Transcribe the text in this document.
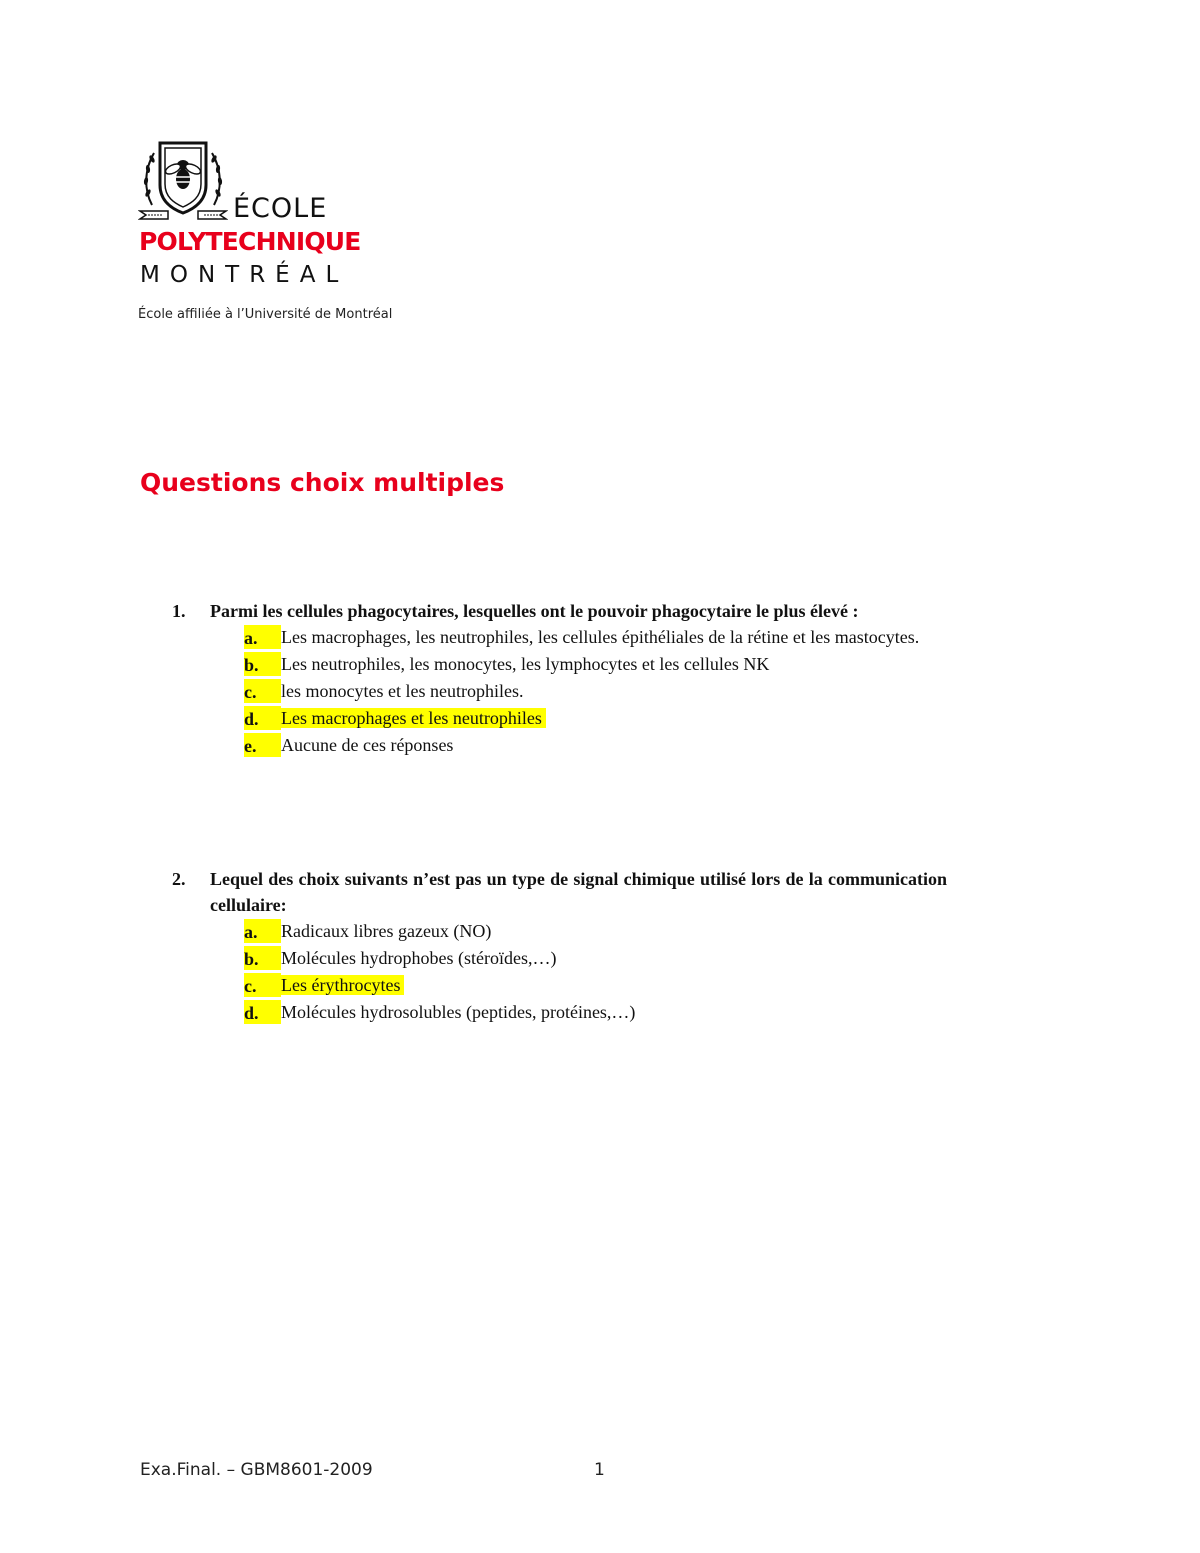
ÉCOLE
POLYTECHNIQUE
MONTRÉAL
École affiliée à l’Université de Montréal
Questions choix multiples
1.	Parmi les cellules phagocytaires, lesquelles ont le pouvoir phagocytaire le plus élevé :
a.	Les macrophages, les neutrophiles, les cellules épithéliales de la rétine et les mastocytes.
b.	Les neutrophiles, les monocytes, les lymphocytes et les cellules NK
c.	les monocytes et les neutrophiles.
d.	Les macrophages et les neutrophiles
e.	Aucune de ces réponses
2.	Lequel des choix suivants n’est pas un type de signal chimique utilisé lors de la communication cellulaire:
a.	Radicaux libres gazeux (NO)
b.	Molécules hydrophobes (stéroïdes,…)
c.	Les érythrocytes
d.	Molécules hydrosolubles (peptides, protéines,…)
Exa.Final. – GBM8601-2009	1
